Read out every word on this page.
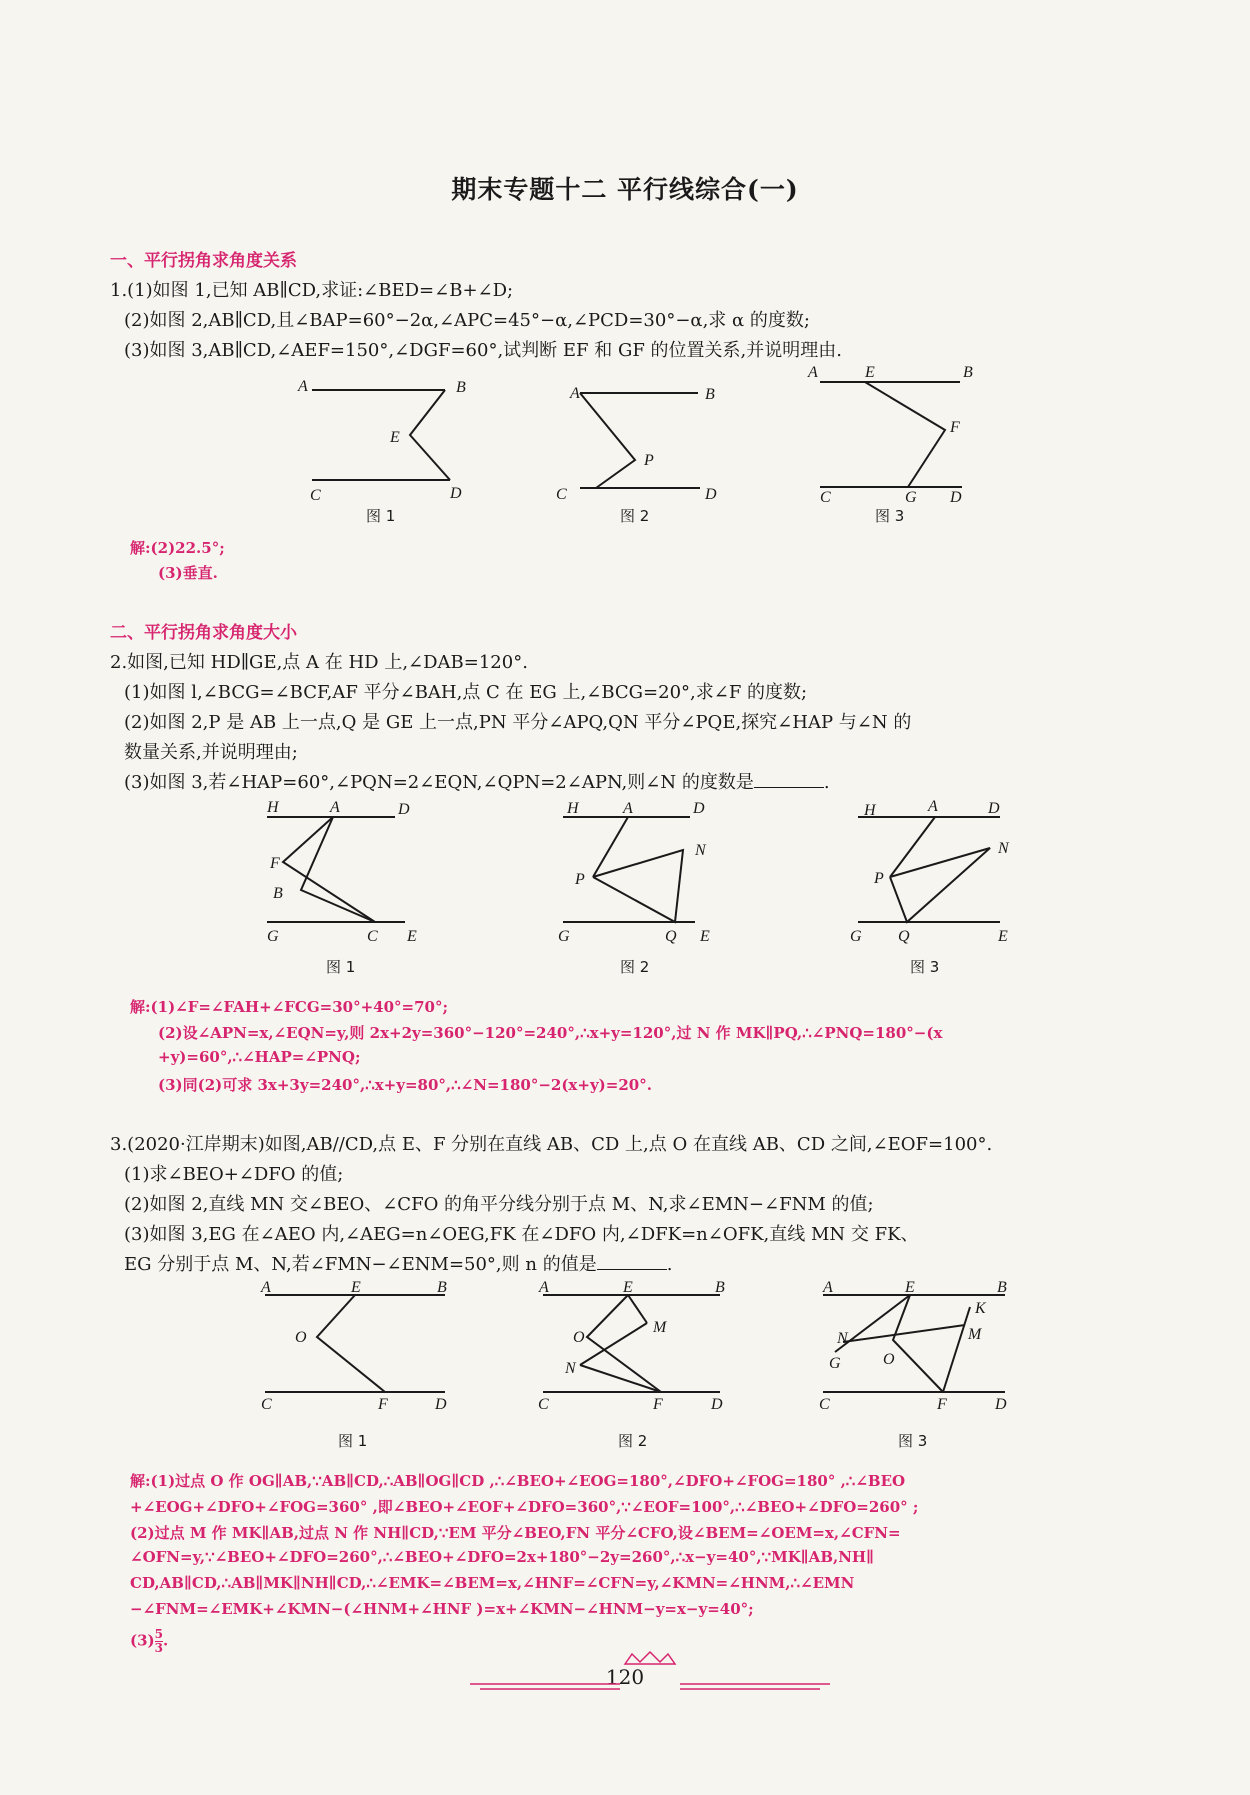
期末专题十二 平行线综合(一)
一、平行拐角求角度关系
1.(1)如图 1,已知 AB∥CD,求证:∠BED=∠B+∠D;
(2)如图 2,AB∥CD,且∠BAP=60°−2α,∠APC=45°−α,∠PCD=30°−α,求 α 的度数;
(3)如图 3,AB∥CD,∠AEF=150°,∠DGF=60°,试判断 EF 和 GF 的位置关系,并说明理由.
A	B
E
C	D
图 1
A	B
P
C	D
图 2
A	E	B
F
C	G D
图 3
解:(2)22.5°;
(3)垂直.
二、平行拐角求角度大小
2.如图,已知 HD∥GE,点 A 在 HD 上,∠DAB=120°.
(1)如图 l,∠BCG=∠BCF,AF 平分∠BAH,点 C 在 EG 上,∠BCG=20°,求∠F 的度数;
(2)如图 2,P 是 AB 上一点,Q 是 GE 上一点,PN 平分∠APQ,QN 平分∠PQE,探究∠HAP 与∠N 的
数量关系,并说明理由;
(3)如图 3,若∠HAP=60°,∠PQN=2∠EQN,∠QPN=2∠APN,则∠N 的度数是	.
H	A	D
F
B
G	C E
图 1
H	A	D
N
P
G	Q E
图 2
H	A	D
N
P
G Q	E
图 3
解:(1)∠F=∠FAH+∠FCG=30°+40°=70°;
(2)设∠APN=x,∠EQN=y,则 2x+2y=360°−120°=240°,∴x+y=120°,过 N 作 MK∥PQ,∴∠PNQ=180°−(x
+y)=60°,∴∠HAP=∠PNQ;
(3)同(2)可求 3x+3y=240°,∴x+y=80°,∴∠N=180°−2(x+y)=20°.
3.(2020·江岸期末)如图,AB//CD,点 E、F 分别在直线 AB、CD 上,点 O 在直线 AB、CD 之间,∠EOF=100°.
(1)求∠BEO+∠DFO 的值;
(2)如图 2,直线 MN 交∠BEO、∠CFO 的角平分线分别于点 M、N,求∠EMN−∠FNM 的值;
(3)如图 3,EG 在∠AEO 内,∠AEG=n∠OEG,FK 在∠DFO 内,∠DFK=n∠OFK,直线 MN 交 FK、
EG 分别于点 M、N,若∠FMN−∠ENM=50°,则 n 的值是	.
A	E	B
O
C	F	D
图 1
A	E	B
M
O
N
C	F	D
图 2
A	E	B
K
M
N
G	O
C	F	D
图 3
解:(1)过点 O 作 OG∥AB,∵AB∥CD,∴AB∥OG∥CD ,∴∠BEO+∠EOG=180°,∠DFO+∠FOG=180° ,∴∠BEO
+∠EOG+∠DFO+∠FOG=360° ,即∠BEO+∠EOF+∠DFO=360°,∵∠EOF=100°,∴∠BEO+∠DFO=260° ;
(2)过点 M 作 MK∥AB,过点 N 作 NH∥CD,∵EM 平分∠BEO,FN 平分∠CFO,设∠BEM=∠OEM=x,∠CFN=
∠OFN=y,∵∠BEO+∠DFO=260°,∴∠BEO+∠DFO=2x+180°−2y=260°,∴x−y=40°,∵MK∥AB,NH∥
CD,AB∥CD,∴AB∥MK∥NH∥CD,∴∠EMK=∠BEM=x,∠HNF=∠CFN=y,∠KMN=∠HNM,∴∠EMN
−∠FNM=∠EMK+∠KMN−(∠HNM+∠HNF )=x+∠KMN−∠HNM−y=x−y=40°;
$(3) \frac{5}{3}$ .
120
